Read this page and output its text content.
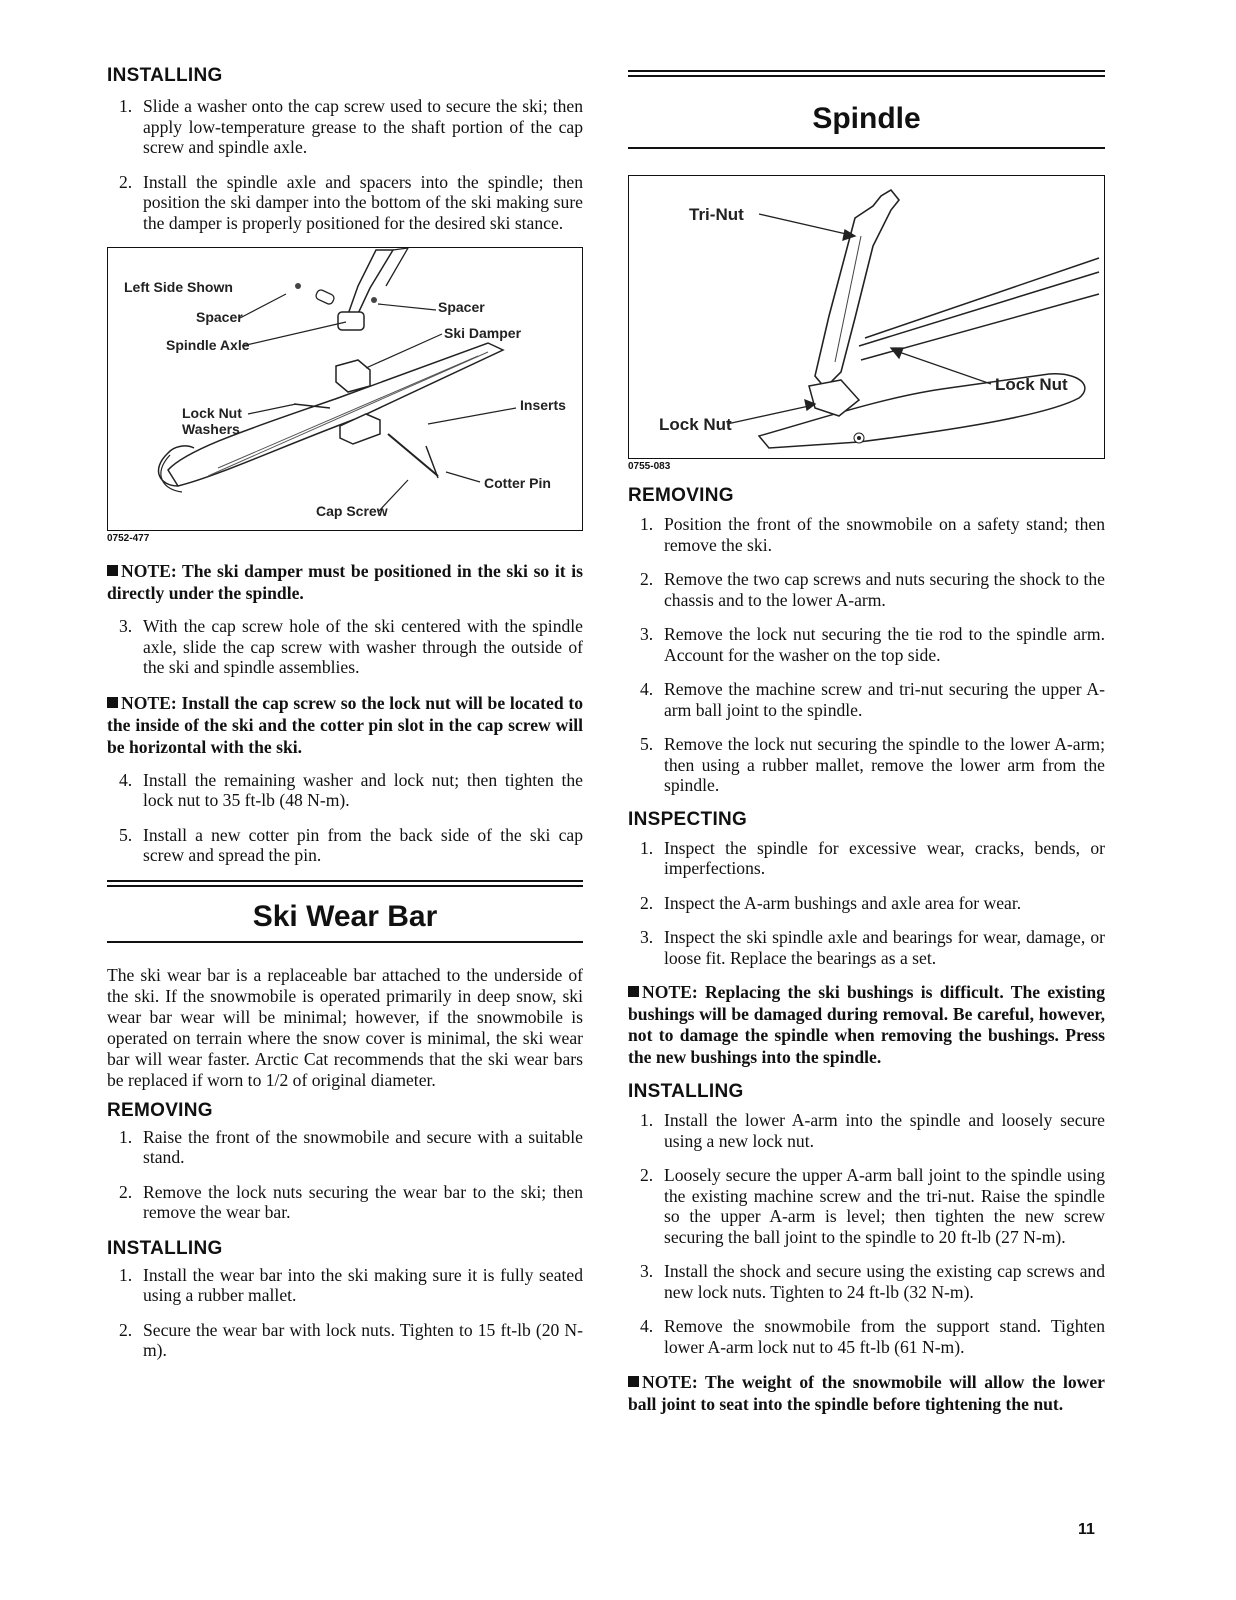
INSTALLING
1. Slide a washer onto the cap screw used to secure the ski; then apply low-temperature grease to the shaft portion of the cap screw and spindle axle.
2. Install the spindle axle and spacers into the spindle; then position the ski damper into the bottom of the ski making sure the damper is properly positioned for the desired ski stance.
Left Side Shown
Spacer
Spindle Axle
Spacer
Ski Damper
Lock Nut
Washers
Inserts
Cotter Pin
Cap Screw
0752-477

NOTE: The ski damper must be positioned in the ski so it is directly under the spindle.

3. With the cap screw hole of the ski centered with the spindle axle, slide the cap screw with washer through the outside of the ski and spindle assemblies.

NOTE: Install the cap screw so the lock nut will be located to the inside of the ski and the cotter pin slot in the cap screw will be horizontal with the ski.

4. Install the remaining washer and lock nut; then tighten the lock nut to 35 ft-lb (48 N-m).
5. Install a new cotter pin from the back side of the ski cap screw and spread the pin.
Ski Wear Bar

The ski wear bar is a replaceable bar attached to the underside of the ski. If the snowmobile is operated primarily in deep snow, ski wear bar wear will be minimal; however, if the snowmobile is operated on terrain where the snow cover is minimal, the ski wear bar will wear faster. Arctic Cat recommends that the ski wear bars be replaced if worn to 1/2 of original diameter.

REMOVING
1. Raise the front of the snowmobile and secure with a suitable stand.
2. Remove the lock nuts securing the wear bar to the ski; then remove the wear bar.
INSTALLING
1. Install the wear bar into the ski making sure it is fully seated using a rubber mallet.
2. Secure the wear bar with lock nuts. Tighten to 15 ft-lb (20 N-m).
Spindle
Tri-Nut
Lock Nut
Lock Nut
0755-083
REMOVING
1. Position the front of the snowmobile on a safety stand; then remove the ski.
2. Remove the two cap screws and nuts securing the shock to the chassis and to the lower A-arm.
3. Remove the lock nut securing the tie rod to the spindle arm. Account for the washer on the top side.
4. Remove the machine screw and tri-nut securing the upper A-arm ball joint to the spindle.
5. Remove the lock nut securing the spindle to the lower A-arm; then using a rubber mallet, remove the lower arm from the spindle.
INSPECTING
1. Inspect the spindle for excessive wear, cracks, bends, or imperfections.
2. Inspect the A-arm bushings and axle area for wear.
3. Inspect the ski spindle axle and bearings for wear, damage, or loose fit. Replace the bearings as a set.

NOTE: Replacing the ski bushings is difficult. The existing bushings will be damaged during removal. Be careful, however, not to damage the spindle when removing the bushings. Press the new bushings into the spindle.

INSTALLING
1. Install the lower A-arm into the spindle and loosely secure using a new lock nut.
2. Loosely secure the upper A-arm ball joint to the spindle using the existing machine screw and the tri-nut. Raise the spindle so the upper A-arm is level; then tighten the new screw securing the ball joint to the spindle to 20 ft-lb (27 N-m).
3. Install the shock and secure using the existing cap screws and new lock nuts. Tighten to 24 ft-lb (32 N-m).
4. Remove the snowmobile from the support stand. Tighten lower A-arm lock nut to 45 ft-lb (61 N-m).

NOTE: The weight of the snowmobile will allow the lower ball joint to seat into the spindle before tightening the nut.

11
